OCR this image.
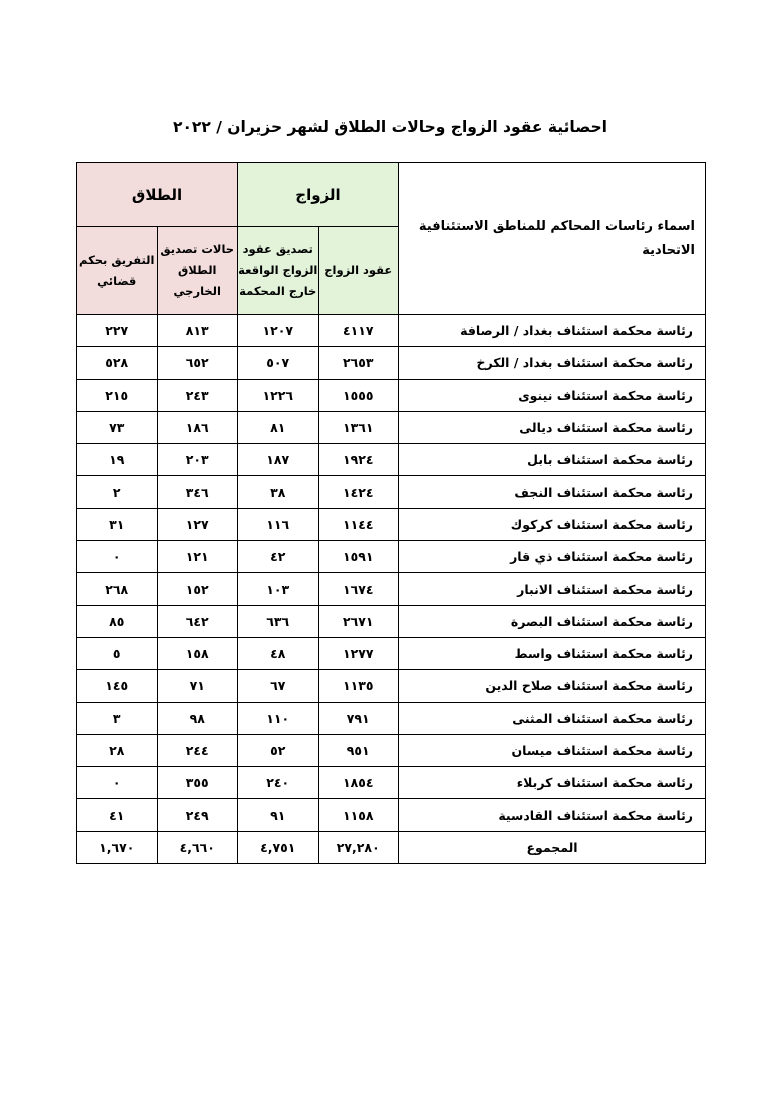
احصائية عقود الزواج وحالات الطلاق لشهر حزيران / ٢٠٢٢
اسماء رئاسات المحاكم للمناطق الاستئنافية الاتحادية	الزواج		الطلاق	
	عقود الزواج	تصديق عقود الزواج الواقعة خارج المحكمة	حالات تصديق الطلاق الخارجي	التفريق بحكم قضائي
رئاسة محكمة استئناف بغداد / الرصافة	٤١١٧	١٢٠٧	٨١٣	٢٢٧
رئاسة محكمة استئناف بغداد / الكرخ	٢٦٥٣	٥٠٧	٦٥٢	٥٢٨
رئاسة محكمة استئناف نينوى	١٥٥٥	١٢٢٦	٢٤٣	٢١٥
رئاسة محكمة استئناف ديالى	١٣٦١	٨١	١٨٦	٧٣
رئاسة محكمة استئناف بابل	١٩٢٤	١٨٧	٢٠٣	١٩
رئاسة محكمة استئناف النجف	١٤٢٤	٣٨	٣٤٦	٢
رئاسة محكمة استئناف كركوك	١١٤٤	١١٦	١٢٧	٣١
رئاسة محكمة استئناف ذي قار	١٥٩١	٤٢	١٢١	٠
رئاسة محكمة استئناف الانبار	١٦٧٤	١٠٣	١٥٢	٢٦٨
رئاسة محكمة استئناف البصرة	٢٦٧١	٦٣٦	٦٤٢	٨٥
رئاسة محكمة استئناف واسط	١٢٧٧	٤٨	١٥٨	٥
رئاسة محكمة استئناف صلاح الدين	١١٣٥	٦٧	٧١	١٤٥
رئاسة محكمة استئناف المثنى	٧٩١	١١٠	٩٨	٣
رئاسة محكمة استئناف ميسان	٩٥١	٥٢	٢٤٤	٢٨
رئاسة محكمة استئناف كربلاء	١٨٥٤	٢٤٠	٣٥٥	٠
رئاسة محكمة استئناف القادسية	١١٥٨	٩١	٢٤٩	٤١
المجموع	٢٧,٢٨٠	٤,٧٥١	٤,٦٦٠	١,٦٧٠
